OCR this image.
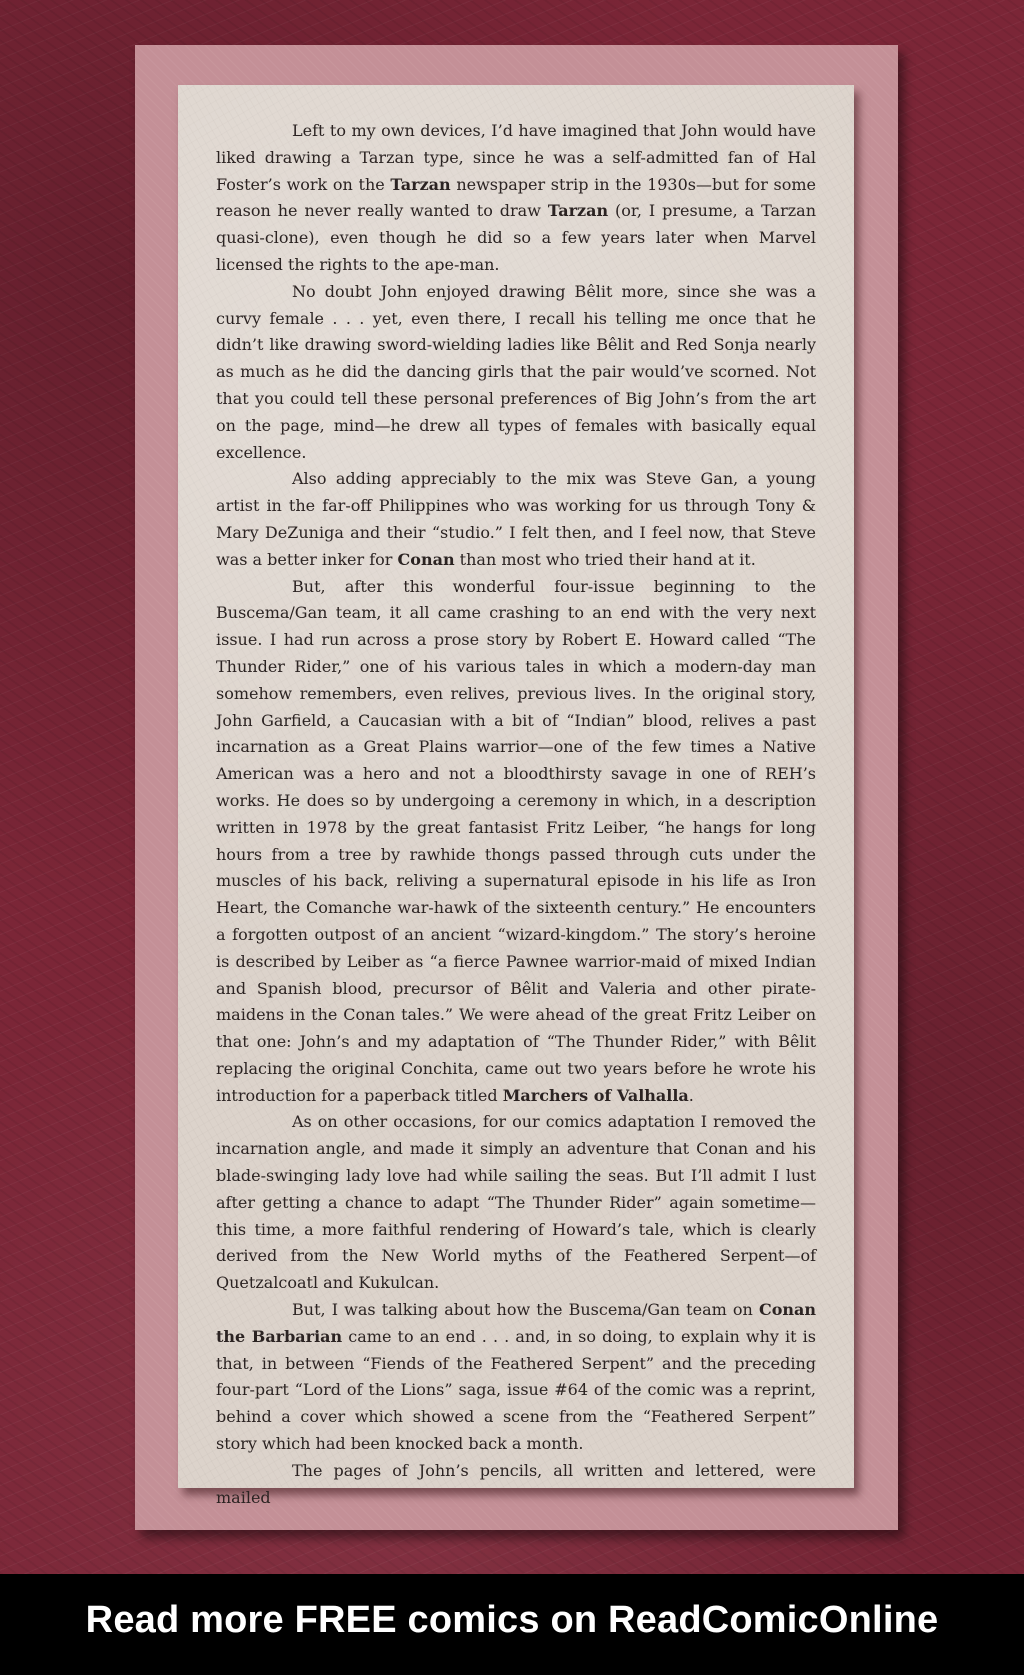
Left to my own devices, I’d have imagined that John would have liked drawing a Tarzan type, since he was a self-admitted fan of Hal Foster’s work on the Tarzan newspaper strip in the 1930s—but for some reason he never really wanted to draw Tarzan (or, I presume, a Tarzan quasi-clone), even though he did so a few years later when Marvel licensed the rights to the ape-man.

No doubt John enjoyed drawing Bêlit more, since she was a curvy female . . . yet, even there, I recall his telling me once that he didn’t like drawing sword-wielding ladies like Bêlit and Red Sonja nearly as much as he did the dancing girls that the pair would’ve scorned. Not that you could tell these personal preferences of Big John’s from the art on the page, mind—he drew all types of females with basically equal excellence.

Also adding appreciably to the mix was Steve Gan, a young artist in the far-off Philippines who was working for us through Tony & Mary DeZuniga and their “studio.” I felt then, and I feel now, that Steve was a better inker for Conan than most who tried their hand at it.

But, after this wonderful four-issue beginning to the Buscema/Gan team, it all came crashing to an end with the very next issue. I had run across a prose story by Robert E. Howard called “The Thunder Rider,” one of his various tales in which a modern-day man somehow remembers, even relives, previous lives. In the original story, John Garfield, a Caucasian with a bit of “Indian” blood, relives a past incarnation as a Great Plains warrior—one of the few times a Native American was a hero and not a bloodthirsty savage in one of REH’s works. He does so by undergoing a ceremony in which, in a description written in 1978 by the great fantasist Fritz Leiber, “he hangs for long hours from a tree by rawhide thongs passed through cuts under the muscles of his back, reliving a supernatural episode in his life as Iron Heart, the Comanche war-hawk of the sixteenth century.” He encounters a forgotten outpost of an ancient “wizard-kingdom.” The story’s heroine is described by Leiber as “a fierce Pawnee warrior-maid of mixed Indian and Spanish blood, precursor of Bêlit and Valeria and other pirate-maidens in the Conan tales.” We were ahead of the great Fritz Leiber on that one: John’s and my adaptation of “The Thunder Rider,” with Bêlit replacing the original Conchita, came out two years before he wrote his introduction for a paperback titled Marchers of Valhalla.

As on other occasions, for our comics adaptation I removed the incarnation angle, and made it simply an adventure that Conan and his blade-swinging lady love had while sailing the seas. But I’ll admit I lust after getting a chance to adapt “The Thunder Rider” again sometime—this time, a more faithful rendering of Howard’s tale, which is clearly derived from the New World myths of the Feathered Serpent—of Quetzalcoatl and Kukulcan.

But, I was talking about how the Buscema/Gan team on Conan the Barbarian came to an end . . . and, in so doing, to explain why it is that, in between “Fiends of the Feathered Serpent” and the preceding four-part “Lord of the Lions” saga, issue #64 of the comic was a reprint, behind a cover which showed a scene from the “Feathered Serpent” story which had been knocked back a month.

The pages of John’s pencils, all written and lettered, were mailed

Read more FREE comics on ReadComicOnline
